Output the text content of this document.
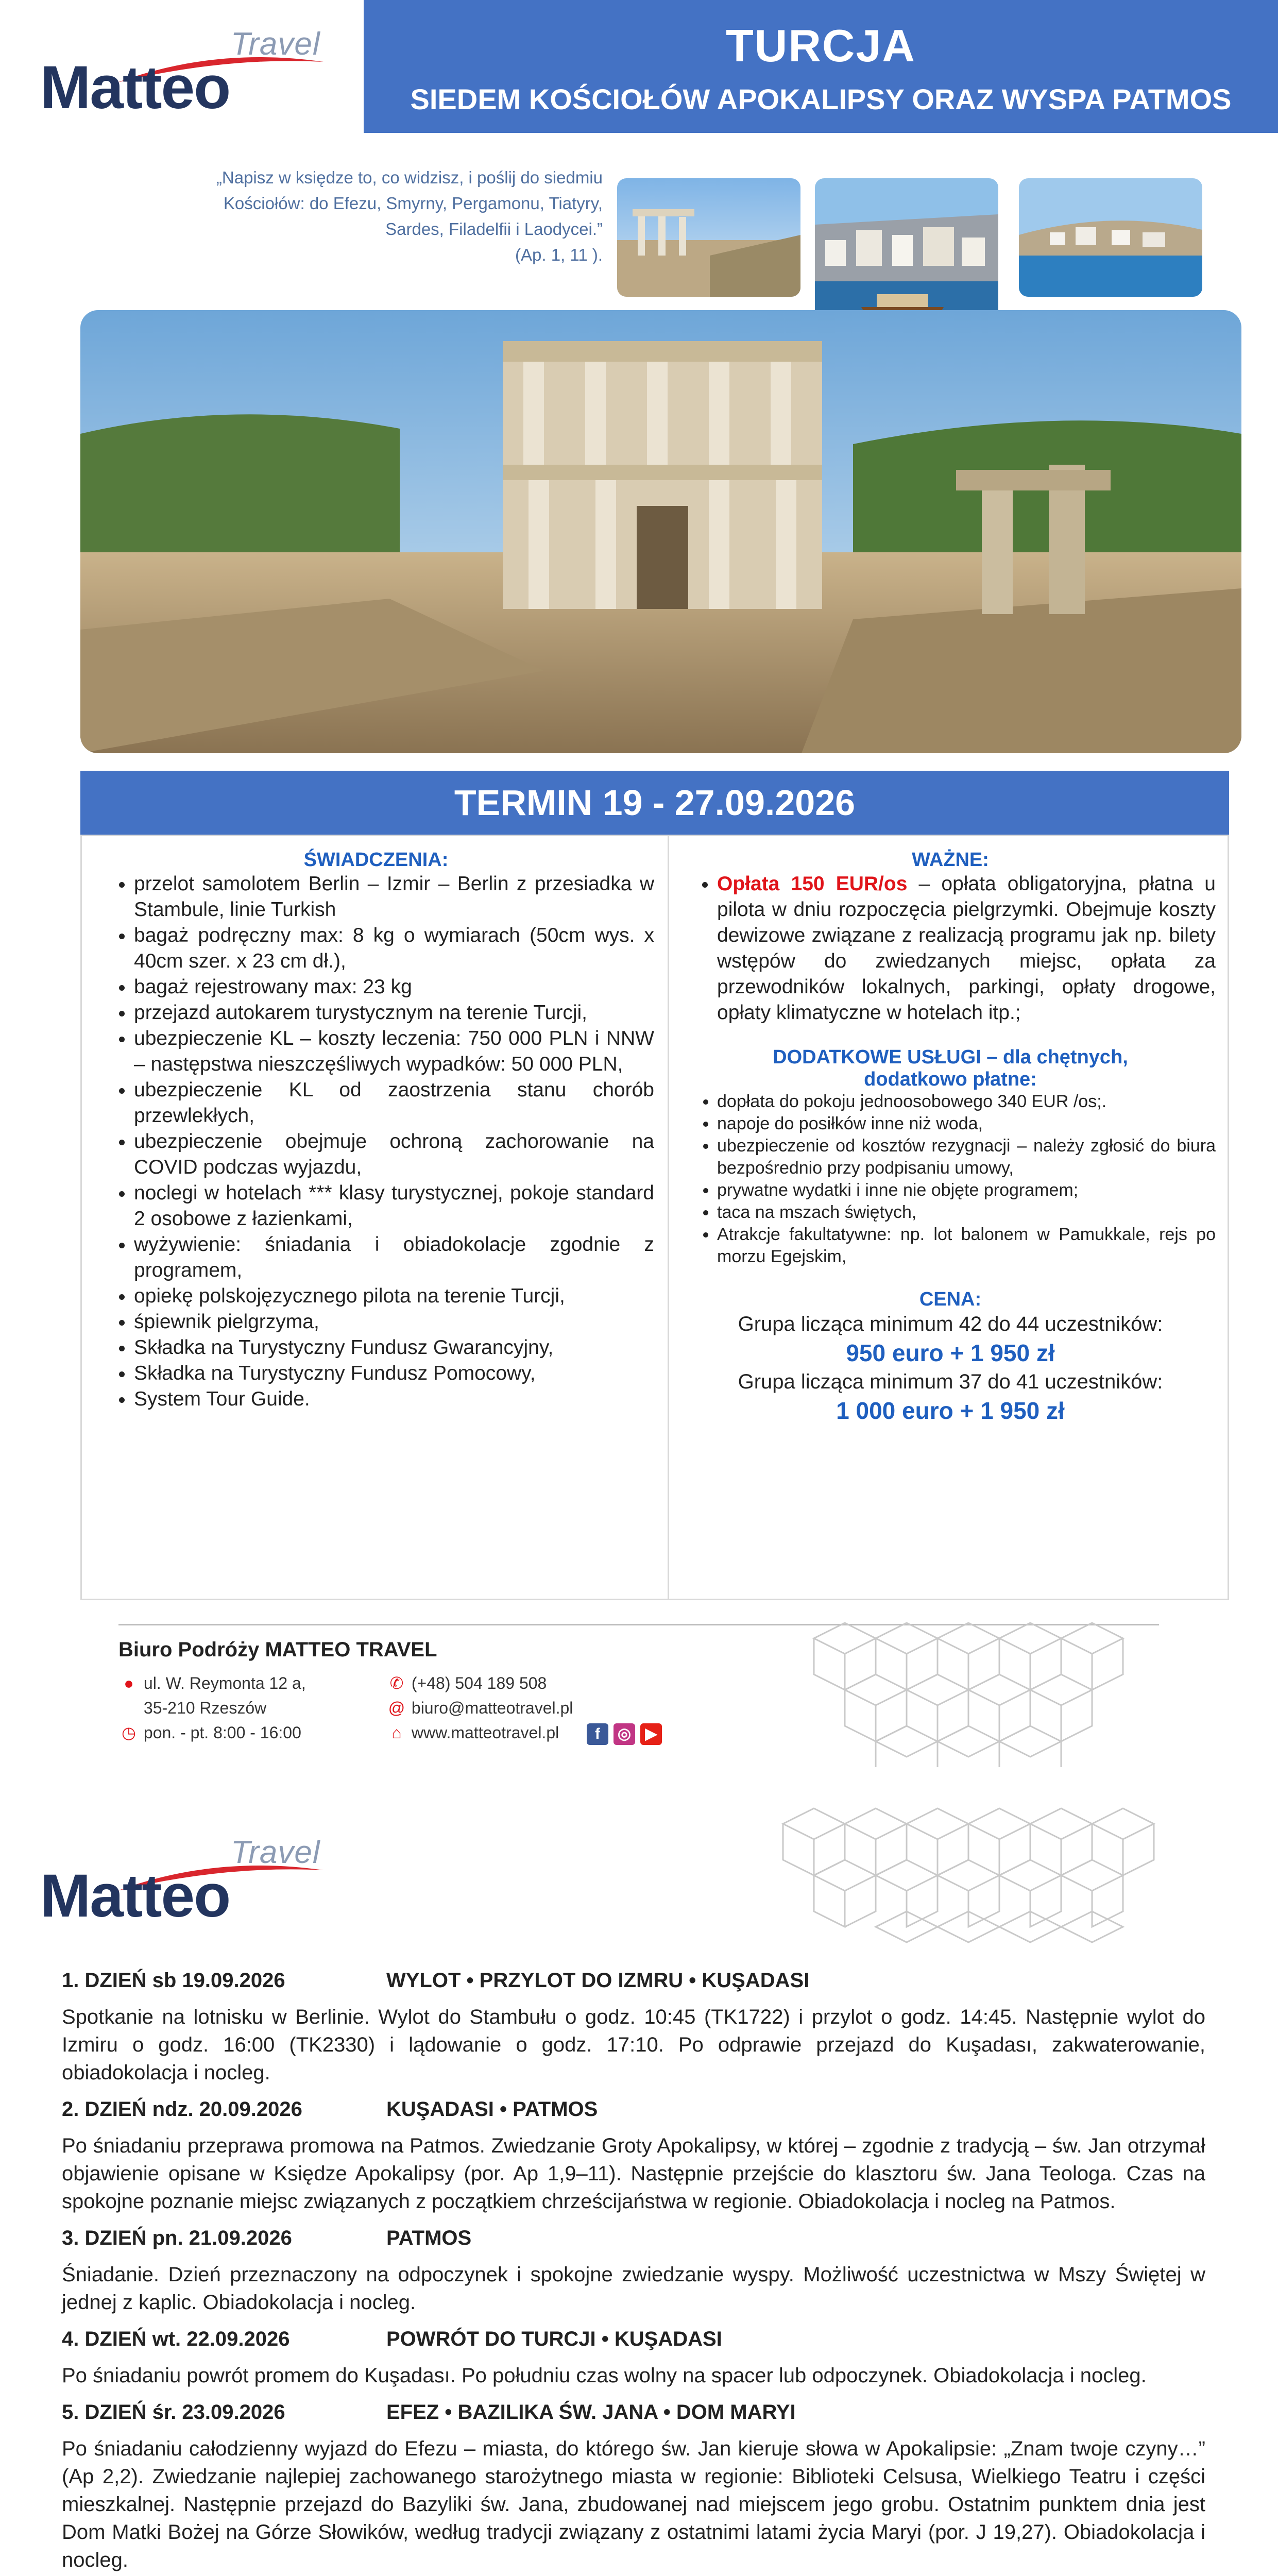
Travel
Matteo
TURCJA
SIEDEM KOŚCIOŁÓW APOKALIPSY ORAZ WYSPA PATMOS
„Napisz w księdze to, co widzisz, i poślij do siedmiu
Kościołów: do Efezu, Smyrny, Pergamonu, Tiatyry,
Sardes, Filadelfii i Laodycei.”
(Ap. 1, 11 ).
TERMIN 19 - 27.09.2026
ŚWIADCZENIA:
• przelot samolotem Berlin – Izmir – Berlin z przesiadka w Stambule, linie Turkish
• bagaż podręczny max: 8 kg o wymiarach (50cm wys. x 40cm szer. x 23 cm dł.),
• bagaż rejestrowany max: 23 kg
• przejazd autokarem turystycznym na terenie Turcji,
• ubezpieczenie KL – koszty leczenia: 750 000 PLN i NNW – następstwa nieszczęśliwych wypadków: 50 000 PLN,
• ubezpieczenie KL od zaostrzenia stanu chorób przewlekłych,
• ubezpieczenie obejmuje ochroną zachorowanie na COVID podczas wyjazdu,
• noclegi w hotelach *** klasy turystycznej, pokoje standard 2 osobowe z łazienkami,
• wyżywienie: śniadania i obiadokolacje zgodnie z programem,
• opiekę polskojęzycznego pilota na terenie Turcji,
• śpiewnik pielgrzyma,
• Składka na Turystyczny Fundusz Gwarancyjny,
• Składka na Turystyczny Fundusz Pomocowy,
• System Tour Guide.
WAŻNE:
• Opłata 150 EUR/os – opłata obligatoryjna, płatna u pilota w dniu rozpoczęcia pielgrzymki. Obejmuje koszty dewizowe związane z realizacją programu jak np. bilety wstępów do zwiedzanych miejsc, opłata za przewodników lokalnych, parkingi, opłaty drogowe, opłaty klimatyczne w hotelach itp.;
DODATKOWE USŁUGI – dla chętnych,
dodatkowo płatne:
• dopłata do pokoju jednoosobowego 340 EUR /os;.
• napoje do posiłków inne niż woda,
• ubezpieczenie od kosztów rezygnacji – należy zgłosić do biura bezpośrednio przy podpisaniu umowy,
• prywatne wydatki i inne nie objęte programem;
• taca na mszach świętych,
• Atrakcje fakultatywne: np. lot balonem w Pamukkale, rejs po morzu Egejskim,
CENA:
Grupa licząca minimum 42 do 44 uczestników:
950 euro + 1 950 zł
Grupa licząca minimum 37 do 41 uczestników:
1 000 euro + 1 950 zł
Biuro Podróży MATTEO TRAVEL
● ul. W. Reymonta 12 a,
35-210 Rzeszów
◷ pon. - pt. 8:00 - 16:00
✆ (+48) 504 189 508
@ biuro@matteotravel.pl
⌂ www.matteotravel.pl f ◎ ▶
Travel
Matteo
1. DZIEŃ sb 19.09.2026	WYLOT • PRZYLOT DO IZMRU • KUŞADASI
Spotkanie na lotnisku w Berlinie. Wylot do Stambułu o godz. 10:45 (TK1722) i przylot o godz. 14:45. Następnie wylot do Izmiru o godz. 16:00 (TK2330) i lądowanie o godz. 17:10. Po odprawie przejazd do Kuşadası, zakwaterowanie, obiadokolacja i nocleg.
2. DZIEŃ ndz. 20.09.2026	KUŞADASI • PATMOS
Po śniadaniu przeprawa promowa na Patmos. Zwiedzanie Groty Apokalipsy, w której – zgodnie z tradycją – św. Jan otrzymał objawienie opisane w Księdze Apokalipsy (por. Ap 1,9–11). Następnie przejście do klasztoru św. Jana Teologa. Czas na spokojne poznanie miejsc związanych z początkiem chrześcijaństwa w regionie. Obiadokolacja i nocleg na Patmos.
3. DZIEŃ pn. 21.09.2026	PATMOS
Śniadanie. Dzień przeznaczony na odpoczynek i spokojne zwiedzanie wyspy. Możliwość uczestnictwa w Mszy Świętej w jednej z kaplic. Obiadokolacja i nocleg.
4. DZIEŃ wt. 22.09.2026	POWRÓT DO TURCJI • KUŞADASI
Po śniadaniu powrót promem do Kuşadası. Po południu czas wolny na spacer lub odpoczynek. Obiadokolacja i nocleg.
5. DZIEŃ śr. 23.09.2026	EFEZ • BAZILIKA ŚW. JANA • DOM MARYI
Po śniadaniu całodzienny wyjazd do Efezu – miasta, do którego św. Jan kieruje słowa w Apokalipsie: „Znam twoje czyny…” (Ap 2,2). Zwiedzanie najlepiej zachowanego starożytnego miasta w regionie: Biblioteki Celsusa, Wielkiego Teatru i części mieszkalnej. Następnie przejazd do Bazyliki św. Jana, zbudowanej nad miejscem jego grobu. Ostatnim punktem dnia jest Dom Matki Bożej na Górze Słowików, według tradycji związany z ostatnimi latami życia Maryi (por. J 19,27). Obiadokolacja i nocleg.
